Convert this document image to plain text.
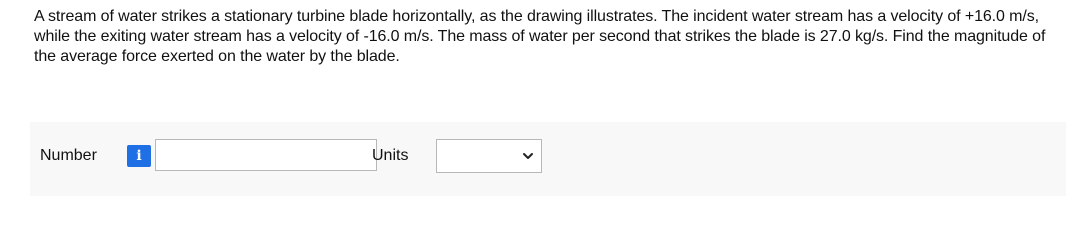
A stream of water strikes a stationary turbine blade horizontally, as the drawing illustrates. The incident water stream has a velocity of +16.0 m/s, while the exiting water stream has a velocity of -16.0 m/s. The mass of water per second that strikes the blade is 27.0 kg/s. Find the magnitude of the average force exerted on the water by the blade.
Number	i	Units
